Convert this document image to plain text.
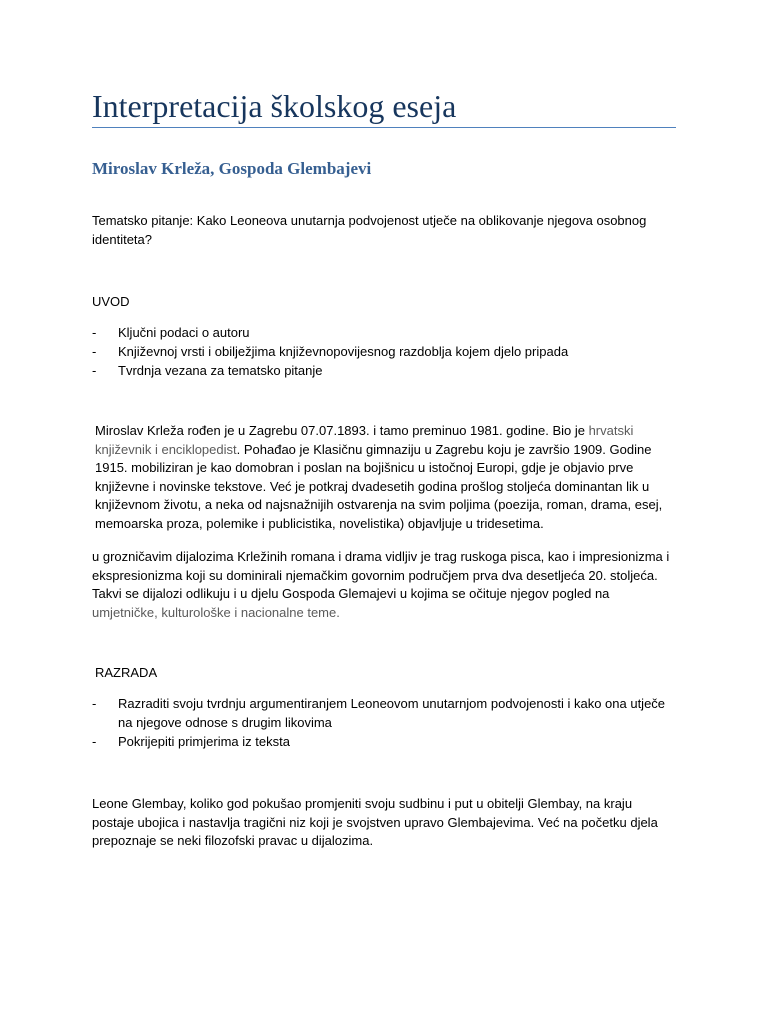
Interpretacija školskog eseja
Miroslav Krleža, Gospoda Glembajevi

Tematsko pitanje: Kako Leoneova unutarnja podvojenost utječe na oblikovanje njegova osobnog
identiteta?

UVOD
- Ključni podaci o autoru
- Književnoj vrsti i obilježjima književnopovijesnog razdoblja kojem djelo pripada
- Tvrdnja vezana za tematsko pitanje

Miroslav Krleža rođen je u Zagrebu 07.07.1893. i tamo preminuo 1981. godine. Bio je hrvatski
književnik i enciklopedist. Pohađao je Klasičnu gimnaziju u Zagrebu koju je završio 1909. Godine
1915. mobiliziran je kao domobran i poslan na bojišnicu u istočnoj Europi, gdje je objavio prve
književne i novinske tekstove. Već je potkraj dvadesetih godina prošlog stoljeća dominantan lik u
književnom životu, a neka od najsnažnijih ostvarenja na svim poljima (poezija, roman, drama, esej,
memoarska proza, polemike i publicistika, novelistika) objavljuje u tridesetima.

u grozničavim dijalozima Krležinih romana i drama vidljiv je trag ruskoga pisca, kao i impresionizma i
ekspresionizma koji su dominirali njemačkim govornim područjem prva dva desetljeća 20. stoljeća.
Takvi se dijalozi odlikuju i u djelu Gospoda Glemajevi u kojima se očituje njegov pogled na
umjetničke, kulturološke i nacionalne teme.

RAZRADA
- Razraditi svoju tvrdnju argumentiranjem Leoneovom unutarnjom podvojenosti i kako ona utječe
na njegove odnose s drugim likovima
- Pokrijepiti primjerima iz teksta

Leone Glembay, koliko god pokušao promjeniti svoju sudbinu i put u obitelji Glembay, na kraju
postaje ubojica i nastavlja tragični niz koji je svojstven upravo Glembajevima. Već na početku djela
prepoznaje se neki filozofski pravac u dijalozima.
